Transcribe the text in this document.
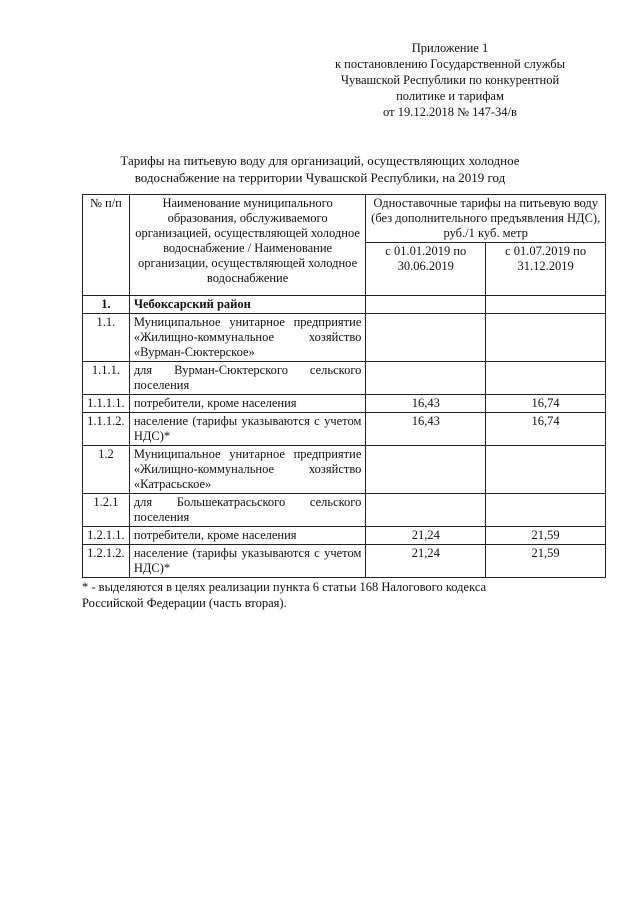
Приложение 1
к постановлению Государственной службы
Чувашской Республики по конкурентной
политике и тарифам
от 19.12.2018 № 147-34/в
Тарифы на питьевую воду для организаций, осуществляющих холодное
водоснабжение на территории Чувашской Республики, на 2019 год
№ п/п	Наименование муниципального образования, обслуживаемого организацией, осуществляющей холодное водоснабжение / Наименование организации, осуществляющей холодное водоснабжение	Одноставочные тарифы на питьевую воду (без дополнительного предъявления НДС), руб./1 куб. метр	
		с 01.01.2019 по 30.06.2019	с 01.07.2019 по 31.12.2019
1.	Чебоксарский район		
1.1.	Муниципальное унитарное предприятие «Жилищно-коммунальное хозяйство «Вурман-Сюктерское»		
1.1.1.	для Вурман-Сюктерского сельского поселения		
1.1.1.1.	потребители, кроме населения	16,43	16,74
1.1.1.2.	население (тарифы указываются с учетом НДС)*	16,43	16,74
1.2	Муниципальное унитарное предприятие «Жилищно-коммунальное хозяйство «Катрасьское»		
1.2.1	для Большекатрасьского сельского поселения		
1.2.1.1.	потребители, кроме населения	21,24	21,59
1.2.1.2.	население (тарифы указываются с учетом НДС)*	21,24	21,59
* - выделяются в целях реализации пункта 6 статьи 168 Налогового кодекса
Российской Федерации (часть вторая).
